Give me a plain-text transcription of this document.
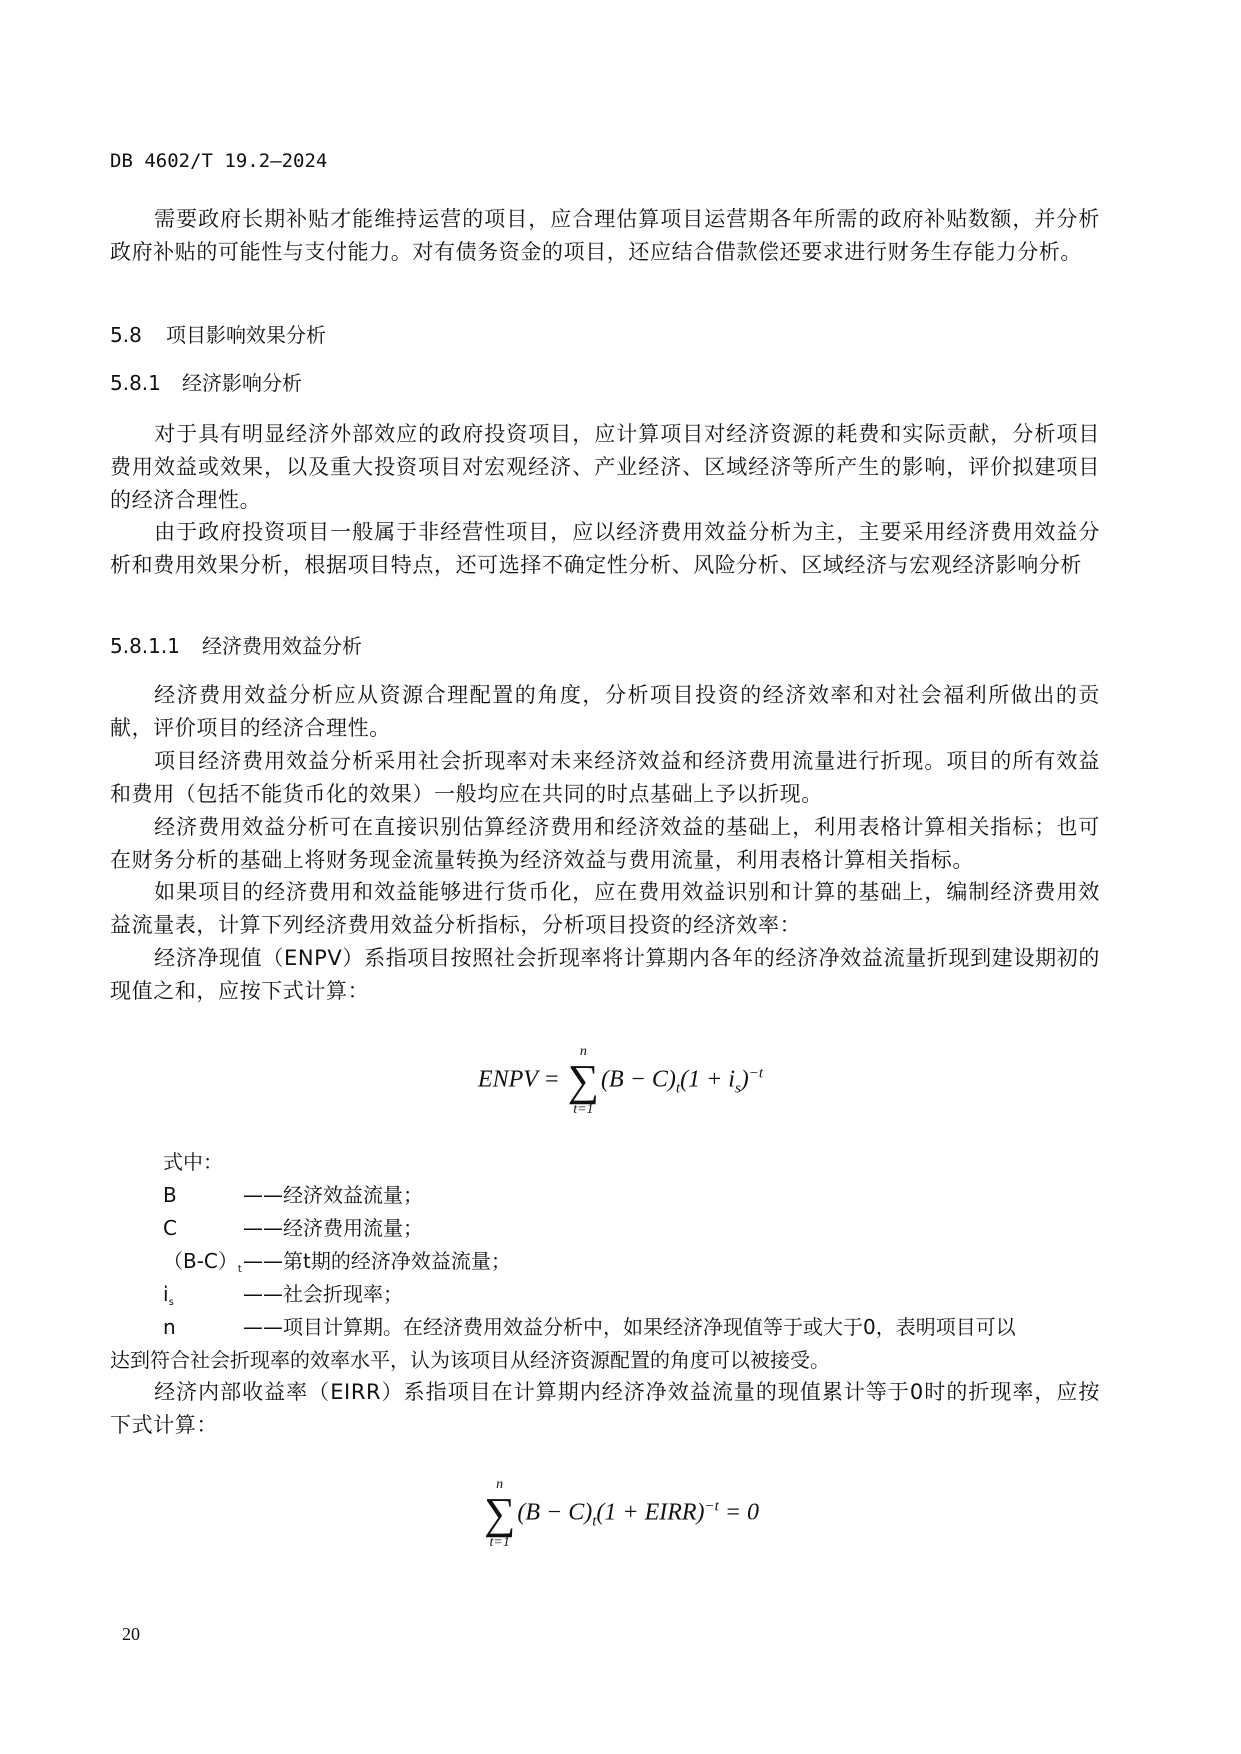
DB 4602/T 19.2—2024

需要政府长期补贴才能维持运营的项目，应合理估算项目运营期各年所需的政府补贴数额，并分析政府补贴的可能性与支付能力。对有债务资金的项目，还应结合借款偿还要求进行财务生存能力分析。

5.8 项目影响效果分析
5.8.1 经济影响分析

对于具有明显经济外部效应的政府投资项目，应计算项目对经济资源的耗费和实际贡献，分析项目费用效益或效果，以及重大投资项目对宏观经济、产业经济、区域经济等所产生的影响，评价拟建项目的经济合理性。

由于政府投资项目一般属于非经营性项目，应以经济费用效益分析为主，主要采用经济费用效益分析和费用效果分析，根据项目特点，还可选择不确定性分析、风险分析、区域经济与宏观经济影响分析

5.8.1.1 经济费用效益分析

经济费用效益分析应从资源合理配置的角度，分析项目投资的经济效率和对社会福利所做出的贡献，评价项目的经济合理性。

项目经济费用效益分析采用社会折现率对未来经济效益和经济费用流量进行折现。项目的所有效益和费用（包括不能货币化的效果）一般均应在共同的时点基础上予以折现。

经济费用效益分析可在直接识别估算经济费用和经济效益的基础上，利用表格计算相关指标；也可在财务分析的基础上将财务现金流量转换为经济效益与费用流量，利用表格计算相关指标。

如果项目的经济费用和效益能够进行货币化，应在费用效益识别和计算的基础上，编制经济费用效益流量表，计算下列经济费用效益分析指标，分析项目投资的经济效率：

经济净现值（ENPV）系指项目按照社会折现率将计算期内各年的经济净效益流量折现到建设期初的现值之和，应按下式计算：

ENPV =
n
∑
t=1
$(B - C)_t(1 + i_s)^{-t}$
式中：
B	——经济效益流量；
C	——经济费用流量；
$(B-C)_t——$第t期的经济净效益流量；
$i_s$	——社会折现率；
n	——项目计算期。在经济费用效益分析中，如果经济净现值等于或大于0，表明项目可以
达到符合社会折现率的效率水平，认为该项目从经济资源配置的角度可以被接受。

经济内部收益率（EIRR）系指项目在计算期内经济净效益流量的现值累计等于0时的折现率，应按下式计算：

n
∑
t=1
$(B - C)_t(1$ + EIRR)$^{-t}$ = 0
20
